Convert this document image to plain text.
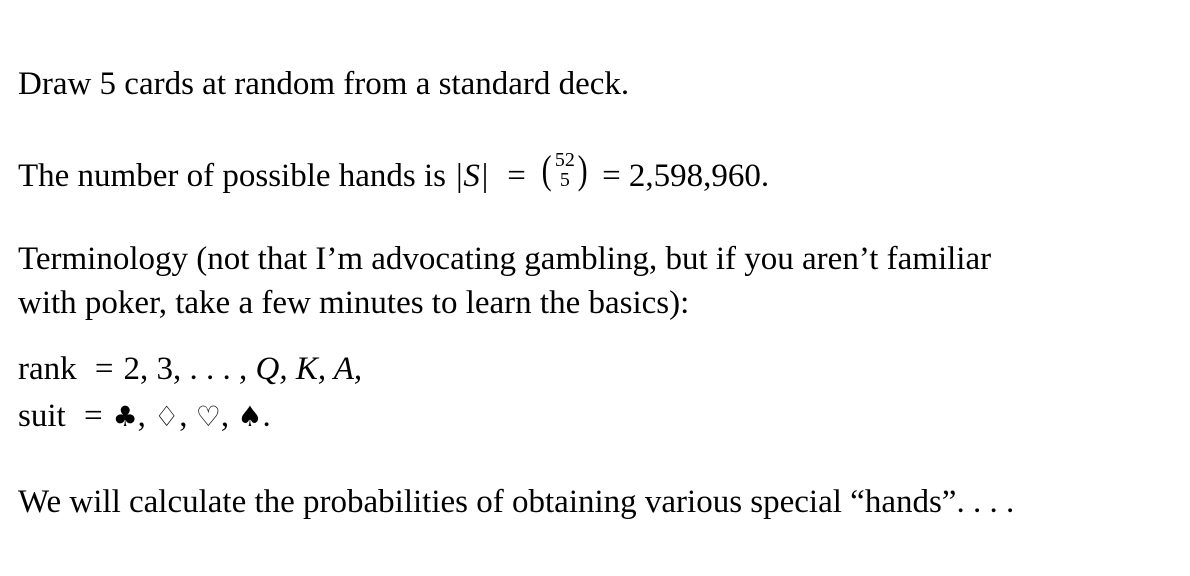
Draw 5 cards at random from a standard deck.
The number of possible hands is |S| = ( 52
5 ) = 2,598,960.
Terminology (not that I’m advocating gambling, but if you aren’t familiar
with poker, take a few minutes to learn the basics):
rank = 2, 3, . . . , Q, K, A,
suit = ♣, ♢, ♡, ♠.
We will calculate the probabilities of obtaining various special “hands”. . . .
